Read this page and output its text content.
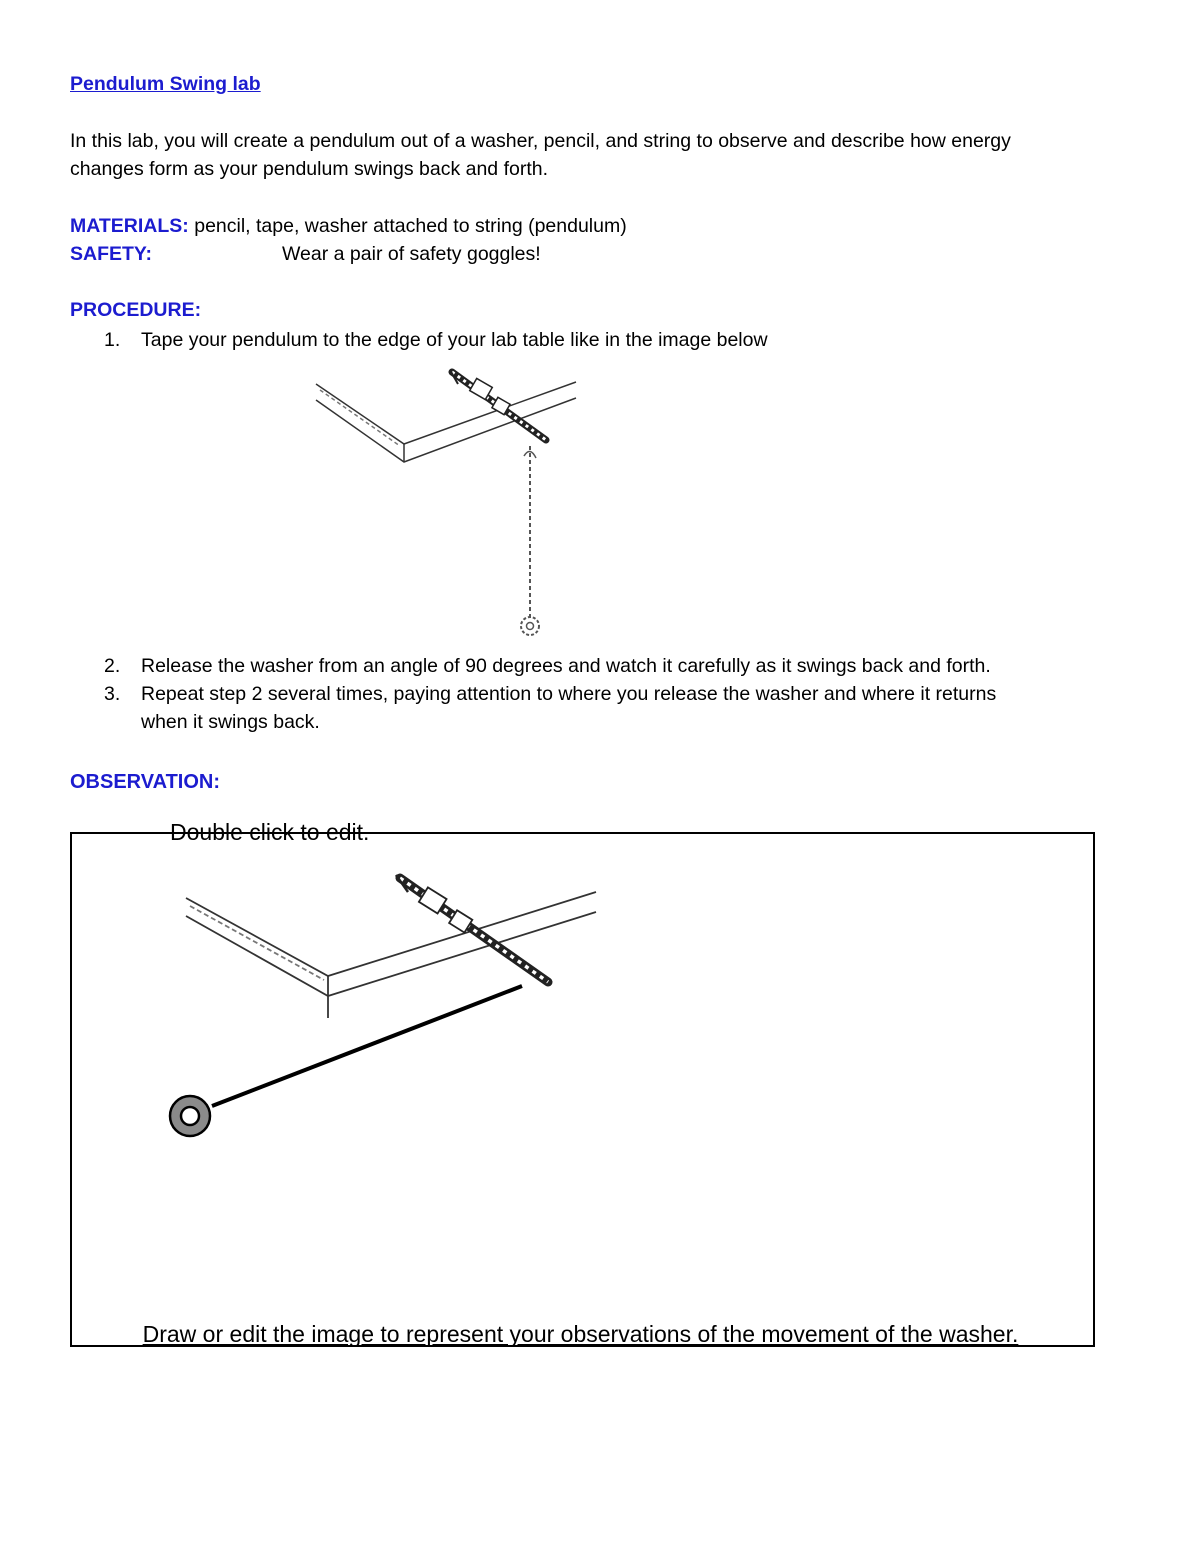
Pendulum Swing lab
In this lab, you will create a pendulum out of a washer, pencil, and string to observe and describe how energy
changes form as your pendulum swings back and forth.
MATERIALS: pencil, tape, washer attached to string (pendulum)
SAFETY:	Wear a pair of safety goggles!
PROCEDURE:
1. Tape your pendulum to the edge of your lab table like in the image below
2. Release the washer from an angle of 90 degrees and watch it carefully as it swings back and forth.
3. Repeat step 2 several times, paying attention to where you release the washer and where it returns
when it swings back.
OBSERVATION:
Double click to edit.
Draw or edit the image to represent your observations of the movement of the washer.
